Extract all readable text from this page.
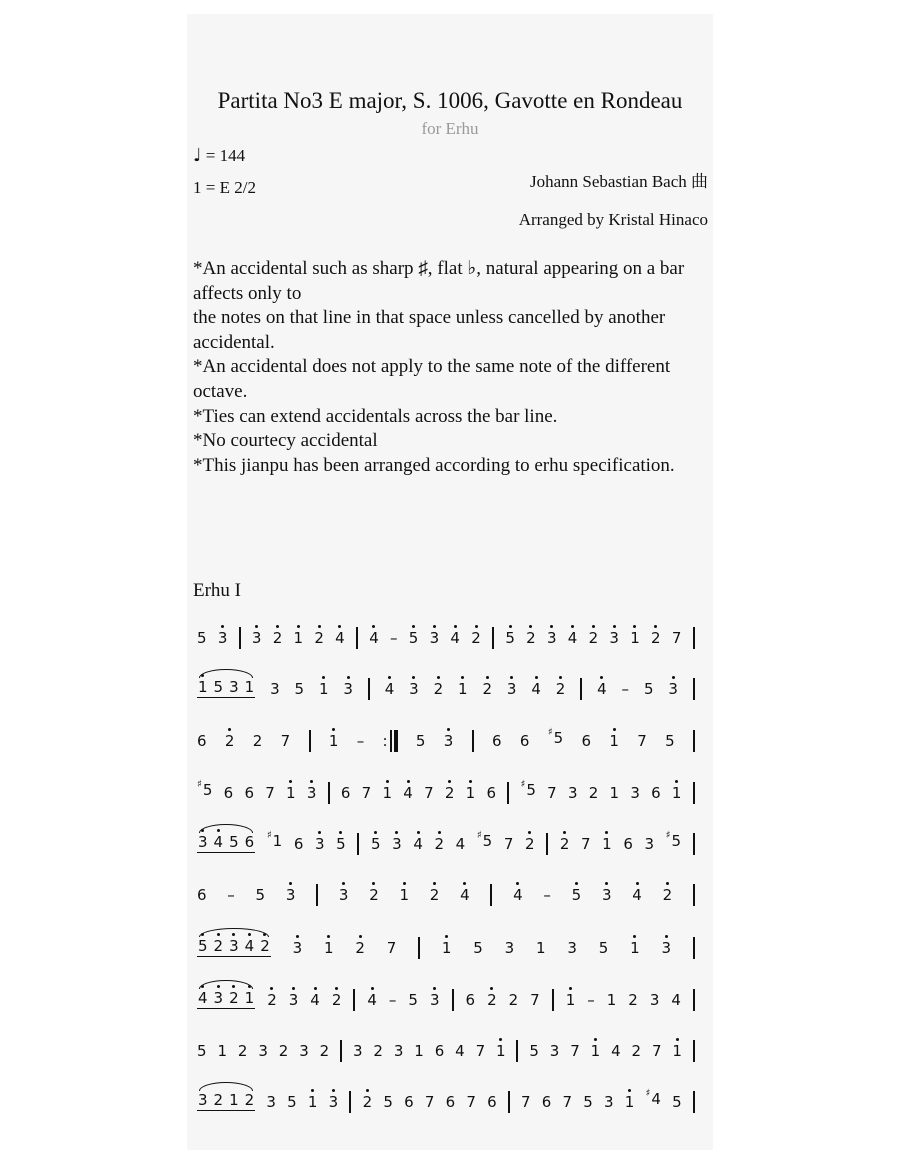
Partita No3 E major, S. 1006, Gavotte en Rondeau
for Erhu
♩ = 144
1 = E 2/2	Johann Sebastian Bach 曲
Arranged by Kristal Hinaco

*An accidental such as sharp ♯, flat ♭, natural appearing on a bar affects only to

the notes on that line in that space unless cancelled by another accidental.

*An accidental does not apply to the same note of the different octave.

*Ties can extend accidentals across the bar line.

*No courtecy accidental

*This jianpu has been arranged according to erhu specification.

Erhu I
5 3 3 2 1 2 4 4 – 5 3 4 2 5 2 3 4 2 3 1 2 7
1 5 3 1 3 5 1 3 4 3 2 1 2 3 4 2 4 – 5 3
6 2 2 7	1 – : 5 3	6 6 ♯5 6 1 7 5
♯5 6 6 7 1 3 6 7 1 4 7 2 1 6 ♯5 7 3 2 1 3 6 1
3 4 5 6 ♯1 6 3 5 5 3 4 2 4 ♯5 7 2 2 7 1 6 3 ♯5
6 – 5 3	3 2 1 2 4	4 – 5 3 4 2
5 2 3 4 2 3 1 2 7	1 5 3 1 3 5 1 3
4 3 2 1 2 3 4 2 4 – 5 3 6 2 2 7 1 – 1 2 3 4
5 1 2 3 2 3 2 3 2 3 1 6 4 7 1 5 3 7 1 4 2 7 1
3 2 1 2 3 5 1 3 2 5 6 7 6 7 6 7 6 7 5 3 1 ♯4 5
